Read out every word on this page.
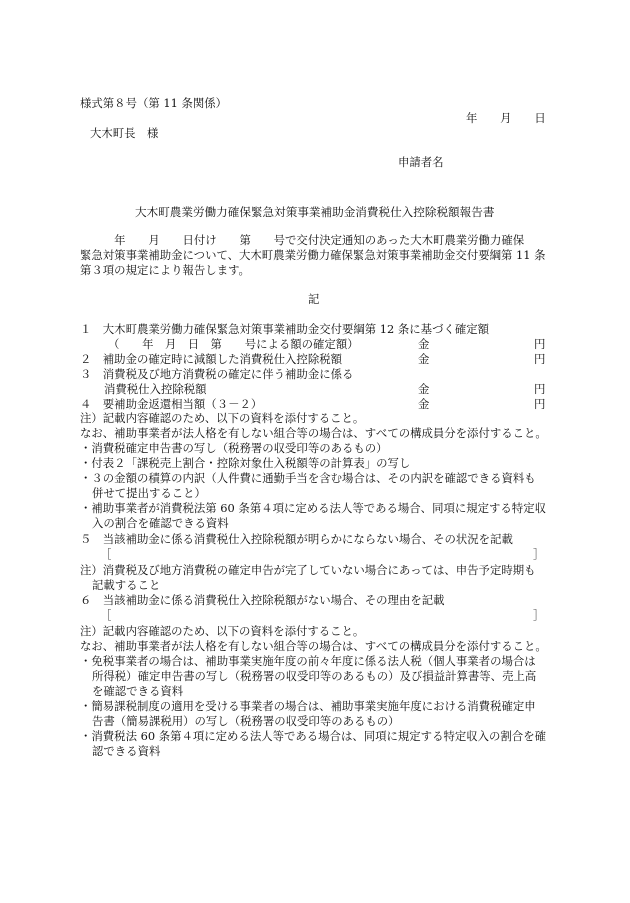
様式第８号（第 11 条関係）
年　　月　　日
大木町長　様
申請者名
大木町農業労働力確保緊急対策事業補助金消費税仕入控除税額報告書
　　　年　　月　　日付け　　第　　号で交付決定通知のあった大木町農業労働力確保
緊急対策事業補助金について、大木町農業労働力確保緊急対策事業補助金交付要綱第 11 条
第３項の規定により報告します。
記
１　大木町農業労働力確保緊急対策事業補助金交付要綱第 12 条に基づく確定額
（　　年　月　日　第　　号による額の確定額）	金	円
２　補助金の確定時に減額した消費税仕入控除税額	金	円
３　消費税及び地方消費税の確定に伴う補助金に係る
消費税仕入控除税額	金	円
４　要補助金返還相当額（３－２）	金	円
注）記載内容確認のため、以下の資料を添付すること。
なお、補助事業者が法人格を有しない組合等の場合は、すべての構成員分を添付すること。
・消費税確定申告書の写し（税務署の収受印等のあるもの）
・付表２「課税売上割合・控除対象仕入税額等の計算表」の写し
・３の金額の積算の内訳（人件費に通勤手当を含む場合は、その内訳を確認できる資料も
併せて提出すること）
・補助事業者が消費税法第 60 条第４項に定める法人等である場合、同項に規定する特定収
入の割合を確認できる資料
５　当該補助金に係る消費税仕入控除税額が明らかにならない場合、その状況を記載
［	］
注）消費税及び地方消費税の確定申告が完了していない場合にあっては、申告予定時期も
記載すること
６　当該補助金に係る消費税仕入控除税額がない場合、その理由を記載
［	］
注）記載内容確認のため、以下の資料を添付すること。
なお、補助事業者が法人格を有しない組合等の場合は、すべての構成員分を添付すること。
・免税事業者の場合は、補助事業実施年度の前々年度に係る法人税（個人事業者の場合は
所得税）確定申告書の写し（税務署の収受印等のあるもの）及び損益計算書等、売上高
を確認できる資料
・簡易課税制度の適用を受ける事業者の場合は、補助事業実施年度における消費税確定申
告書（簡易課税用）の写し（税務署の収受印等のあるもの）
・消費税法 60 条第４項に定める法人等である場合は、同項に規定する特定収入の割合を確
認できる資料
